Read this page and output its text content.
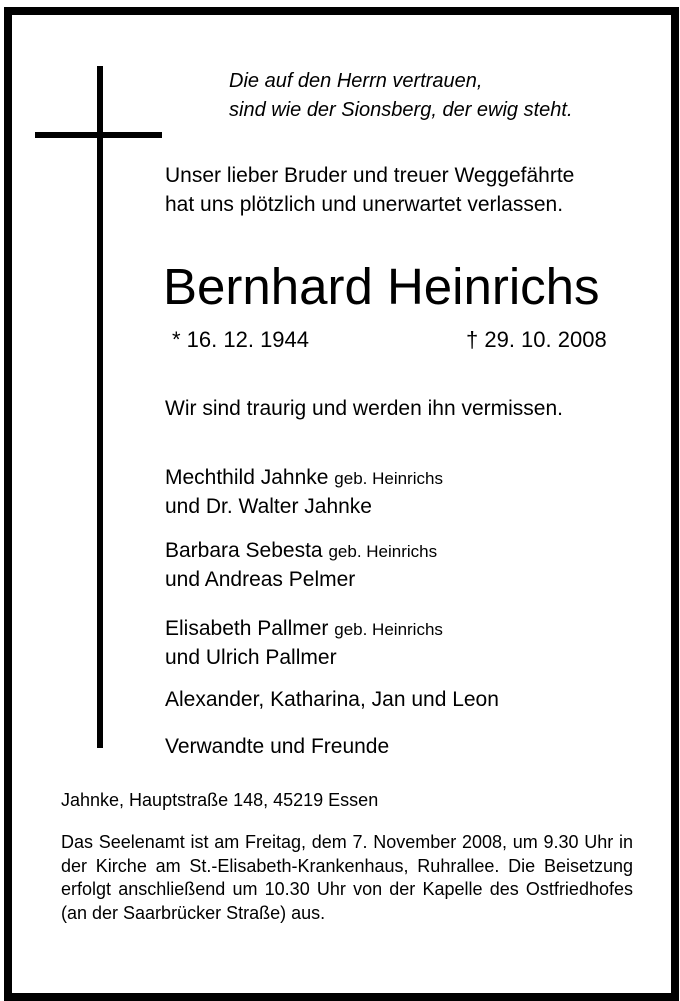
Die auf den Herrn vertrauen,
sind wie der Sionsberg, der ewig steht.
Unser lieber Bruder und treuer Weggefährte
hat uns plötzlich und unerwartet verlassen.
Bernhard Heinrichs
* 16. 12. 1944	† 29. 10. 2008
Wir sind traurig und werden ihn vermissen.
Mechthild Jahnke geb. Heinrichs
und Dr. Walter Jahnke
Barbara Sebesta geb. Heinrichs
und Andreas Pelmer
Elisabeth Pallmer geb. Heinrichs
und Ulrich Pallmer
Alexander, Katharina, Jan und Leon
Verwandte und Freunde
Jahnke, Hauptstraße 148, 45219 Essen
Das Seelenamt ist am Freitag, dem 7. November 2008, um 9.30 Uhr in der Kirche am St.-Elisabeth-Krankenhaus, Ruhrallee. Die Beisetzung erfolgt anschließend um 10.30 Uhr von der Kapelle des Ostfriedhofes (an der Saarbrücker Straße) aus.
